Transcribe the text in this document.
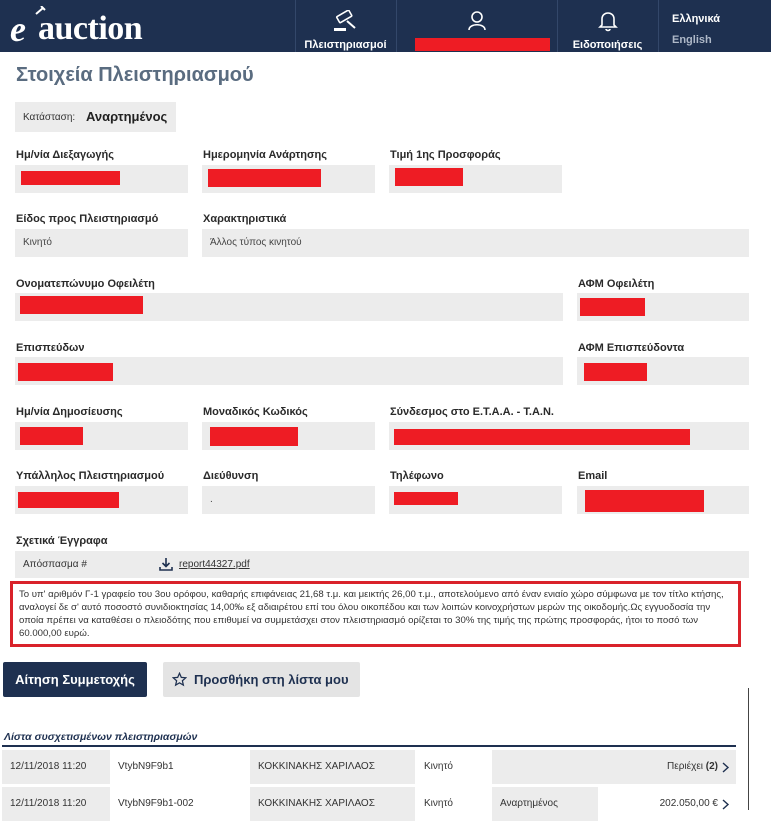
e auction	Πλειστηριασμοί	Ειδοποιήσεις
Ελληνικά
English
Στοιχεία Πλειστηριασμού
Κατάσταση: Αναρτημένος
Ημ/νία Διεξαγωγής	Ημερομηνία Ανάρτησης	Τιμή 1ης Προσφοράς
Είδος προς Πλειστηριασμό
Κινητό
Χαρακτηριστικά
Άλλος τύπος κινητού
Ονοματεπώνυμο Οφειλέτη	ΑΦΜ Οφειλέτη
Επισπεύδων	ΑΦΜ Επισπεύδοντα
Ημ/νία Δημοσίευσης	Μοναδικός Κωδικός	Σύνδεσμος στο Ε.Τ.Α.Α. - Τ.Α.Ν.
Υπάλληλος Πλειστηριασμού	Διεύθυνση
.
Τηλέφωνο	Email
Σχετικά Έγγραφα
Απόσπασμα #	report44327.pdf
Το υπ' αριθμόν Γ-1 γραφείο του 3ου ορόφου, καθαρής επιφάνειας 21,68 τ.μ. και μεικτής 26,00 τ.μ., αποτελούμενο από έναν ενιαίο χώρο σύμφωνα με τον τίτλο κτήσης, αναλογεί δε σ' αυτό ποσοστό συνιδιοκτησίας 14,00‰ εξ αδιαιρέτου επί του όλου οικοπέδου και των λοιπών κοινοχρήστων μερών της οικοδομής.Ως εγγυοδοσία την οποία πρέπει να καταθέσει ο πλειοδότης που επιθυμεί να συμμετάσχει στον πλειστηριασμό ορίζεται το 30% της τιμής της πρώτης προσφοράς, ήτοι το ποσό των 60.000,00 ευρώ.
Αίτηση Συμμετοχής	Προσθήκη στη λίστα μου
Λίστα συσχετισμένων πλειστηριασμών
12/11/2018 11:20	VtybN9F9b1	ΚΟΚΚΙΝΑΚΗΣ ΧΑΡΙΛΑΟΣ	Κινητό	Περιέχει (2)
12/11/2018 11:20	VtybN9F9b1-002	ΚΟΚΚΙΝΑΚΗΣ ΧΑΡΙΛΑΟΣ	Κινητό	Αναρτημένος	202.050,00 €
